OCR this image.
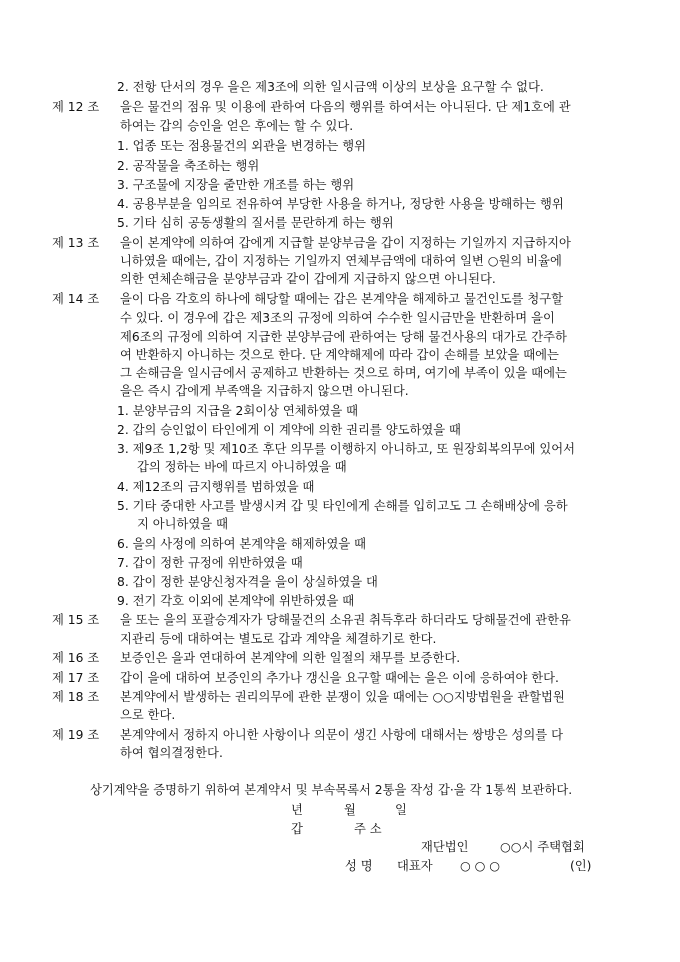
2. 전항 단서의 경우 을은 제3조에 의한 일시금액 이상의 보상을 요구할 수 없다.
제 12 조 을은 물건의 점유 및 이용에 관하여 다음의 행위를 하여서는 아니된다. 단 제1호에 관
하여는 갑의 승인을 얻은 후에는 할 수 있다.
1. 업종 또는 점용물건의 외관을 변경하는 행위
2. 공작물을 축조하는 행위
3. 구조물에 지장을 줄만한 개조를 하는 행위
4. 공용부분을 임의로 전유하여 부당한 사용을 하거나, 정당한 사용을 방해하는 행위
5. 기타 심히 공동생활의 질서를 문란하게 하는 행위
제 13 조 을이 본계약에 의하여 갑에게 지급할 분양부금을 갑이 지정하는 기일까지 지급하지아
니하였을 때에는, 갑이 지정하는 기일까지 연체부금액에 대하여 일변 ○원의 비율에
의한 연체손해금을 분양부금과 같이 갑에게 지급하지 않으면 아니된다.
제 14 조 을이 다음 각호의 하나에 해당할 때에는 갑은 본계약을 해제하고 물건인도를 청구할
수 있다. 이 경우에 갑은 제3조의 규정에 의하여 수수한 일시금만을 반환하며 을이
제6조의 규정에 의하여 지급한 분양부금에 관하여는 당해 물건사용의 대가로 간주하
여 반환하지 아니하는 것으로 한다. 단 계약해제에 따라 갑이 손해를 보았을 때에는
그 손해금을 일시금에서 공제하고 반환하는 것으로 하며, 여기에 부족이 있을 때에는
을은 즉시 갑에게 부족액을 지급하지 않으면 아니된다.
1. 분양부금의 지급을 2회이상 연체하였을 때
2. 갑의 승인없이 타인에게 이 계약에 의한 권리를 양도하였을 때
3. 제9조 1,2항 및 제10조 후단 의무를 이행하지 아니하고, 또 원장회복의무에 있어서
갑의 정하는 바에 따르지 아니하였을 때
4. 제12조의 금지행위를 범하였을 때
5. 기타 중대한 사고를 발생시켜 갑 및 타인에게 손해를 입히고도 그 손해배상에 응하
지 아니하였을 때
6. 을의 사정에 의하여 본계약을 해제하였을 때
7. 갑이 정한 규정에 위반하였을 때
8. 갑이 정한 분양신청자격을 을이 상실하였을 대
9. 전기 각호 이외에 본계약에 위반하였을 때
제 15 조 을 또는 을의 포괄승계자가 당해물건의 소유권 취득후라 하더라도 당해물건에 관한유
지관리 등에 대하여는 별도로 갑과 계약을 체결하기로 한다.
제 16 조 보증인은 을과 연대하여 본계약에 의한 일절의 채무를 보증한다.
제 17 조 갑이 을에 대하여 보증인의 추가나 갱신을 요구할 때에는 을은 이에 응하여야 한다.
제 18 조 본계약에서 발생하는 권리의무에 관한 분쟁이 있을 때에는 ○○지방법원을 관할법원
으로 한다.
제 19 조 본계약에서 정하지 아니한 사항이나 의문이 생긴 사항에 대해서는 쌍방은 성의를 다
하여 협의결정한다.
상기계약을 증명하기 위하여 본계약서 및 부속목록서 2통을 작성 갑·을 각 1통씩 보관하다.
년	월	일
갑	주 소
재단법인	○○시 주택협회
성 명 대표자 ○ ○ ○	(인)
